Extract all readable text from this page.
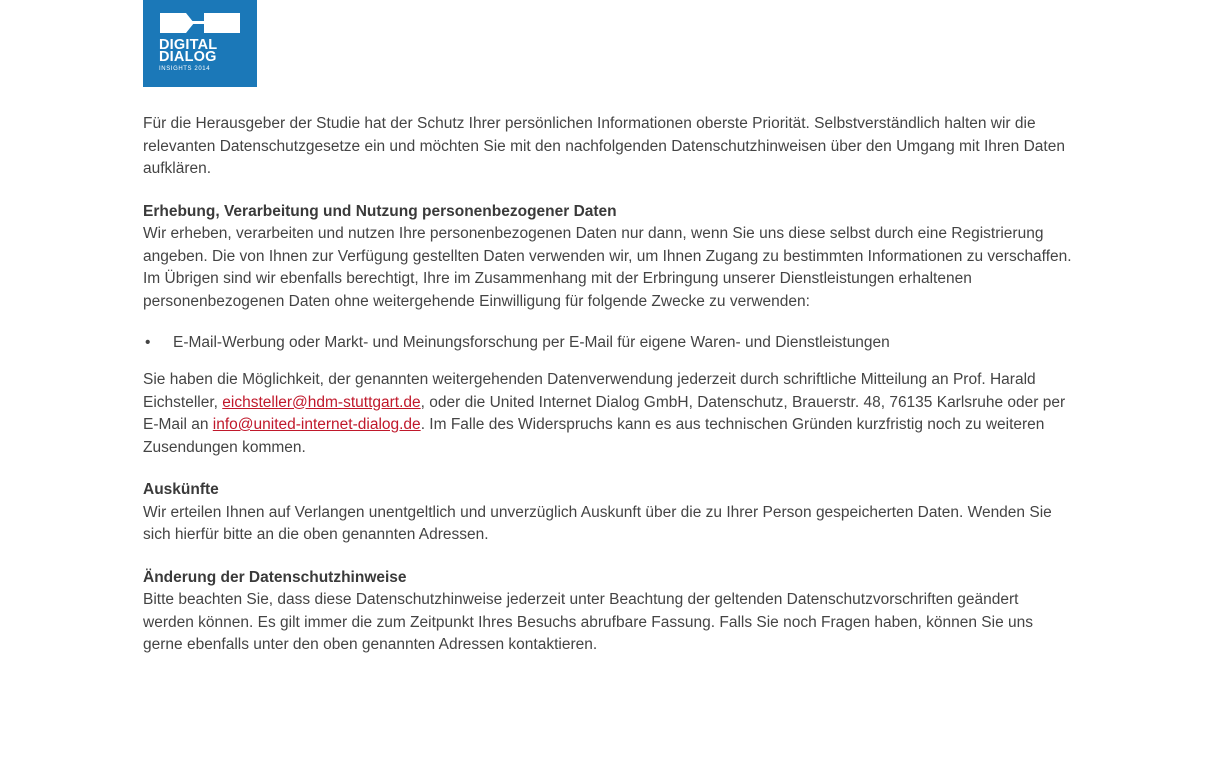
DIGITAL
DIALOG
INSIGHTS 2014

Für die Herausgeber der Studie hat der Schutz Ihrer persönlichen Informationen oberste Priorität. Selbstverständlich halten wir die relevanten Datenschutzgesetze ein und möchten Sie mit den nachfolgenden Datenschutzhinweisen über den Umgang mit Ihren Daten aufklären.

Erhebung, Verarbeitung und Nutzung personenbezogener Daten

Wir erheben, verarbeiten und nutzen Ihre personenbezogenen Daten nur dann, wenn Sie uns diese selbst durch eine Registrierung angeben. Die von Ihnen zur Verfügung gestellten Daten verwenden wir, um Ihnen Zugang zu bestimmten Informationen zu verschaffen. Im Übrigen sind wir ebenfalls berechtigt, Ihre im Zusammenhang mit der Erbringung unserer Dienstleistungen erhaltenen personenbezogenen Daten ohne weitergehende Einwilligung für folgende Zwecke zu verwenden:

• E-Mail-Werbung oder Markt- und Meinungsforschung per E-Mail für eigene Waren- und Dienstleistungen

Sie haben die Möglichkeit, der genannten weitergehenden Datenverwendung jederzeit durch schriftliche Mitteilung an Prof. Harald Eichsteller, eichsteller@hdm-stuttgart.de, oder die United Internet Dialog GmbH, Datenschutz, Brauerstr. 48, 76135 Karlsruhe oder per E-Mail an info@united-internet-dialog.de. Im Falle des Widerspruchs kann es aus technischen Gründen kurzfristig noch zu weiteren Zusendungen kommen.

Auskünfte

Wir erteilen Ihnen auf Verlangen unentgeltlich und unverzüglich Auskunft über die zu Ihrer Person gespeicherten Daten. Wenden Sie sich hierfür bitte an die oben genannten Adressen.

Änderung der Datenschutzhinweise

Bitte beachten Sie, dass diese Datenschutzhinweise jederzeit unter Beachtung der geltenden Datenschutzvorschriften geändert werden können. Es gilt immer die zum Zeitpunkt Ihres Besuchs abrufbare Fassung. Falls Sie noch Fragen haben, können Sie uns gerne ebenfalls unter den oben genannten Adressen kontaktieren.
